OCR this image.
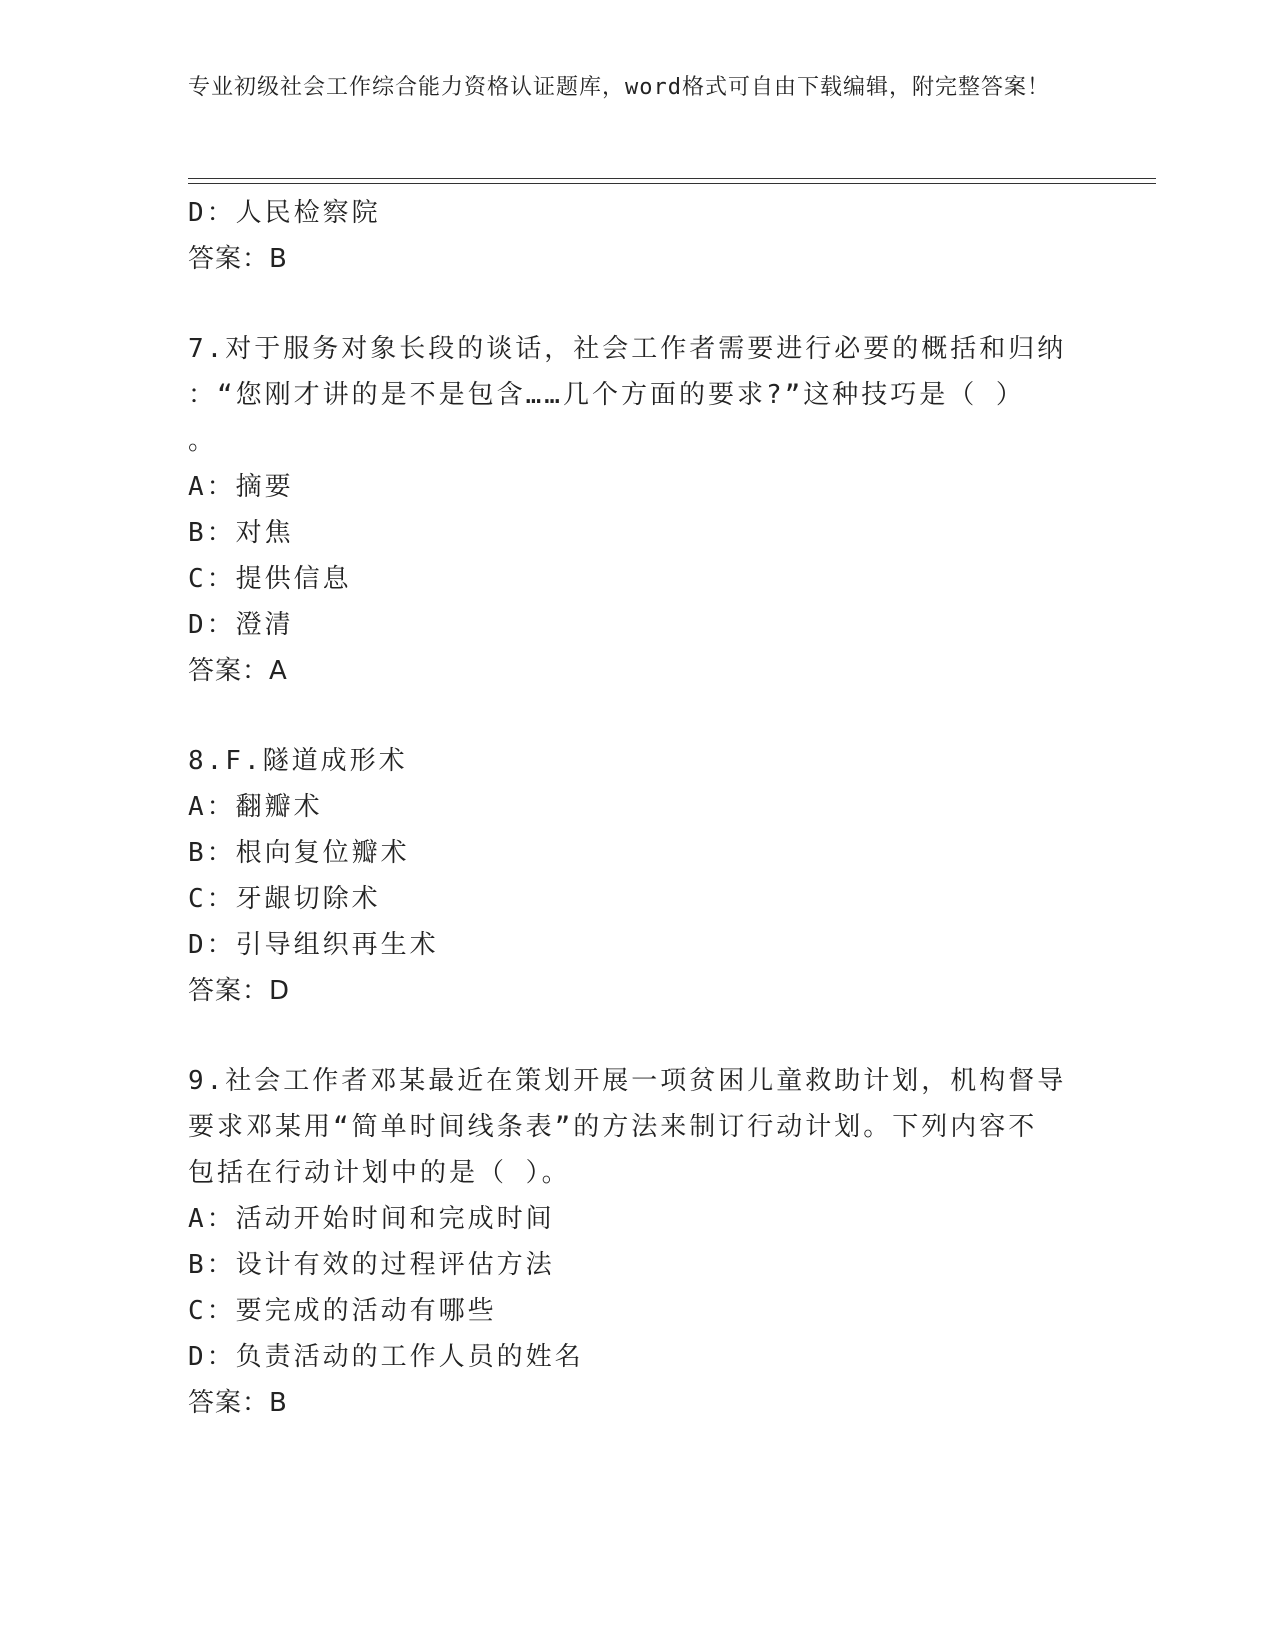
专业初级社会工作综合能力资格认证题库，word格式可自由下载编辑，附完整答案！
D：人民检察院
答案：B
7.对于服务对象长段的谈话，社会工作者需要进行必要的概括和归纳
：“您刚才讲的是不是包含……几个方面的要求?”这种技巧是（ ）
。
A：摘要
B：对焦
C：提供信息
D：澄清
答案：A
8.F.隧道成形术
A：翻瓣术
B：根向复位瓣术
C：牙龈切除术
D：引导组织再生术
答案：D
9.社会工作者邓某最近在策划开展一项贫困儿童救助计划，机构督导
要求邓某用“简单时间线条表”的方法来制订行动计划。下列内容不
包括在行动计划中的是（ ）。
A：活动开始时间和完成时间
B：设计有效的过程评估方法
C：要完成的活动有哪些
D：负责活动的工作人员的姓名
答案：B
